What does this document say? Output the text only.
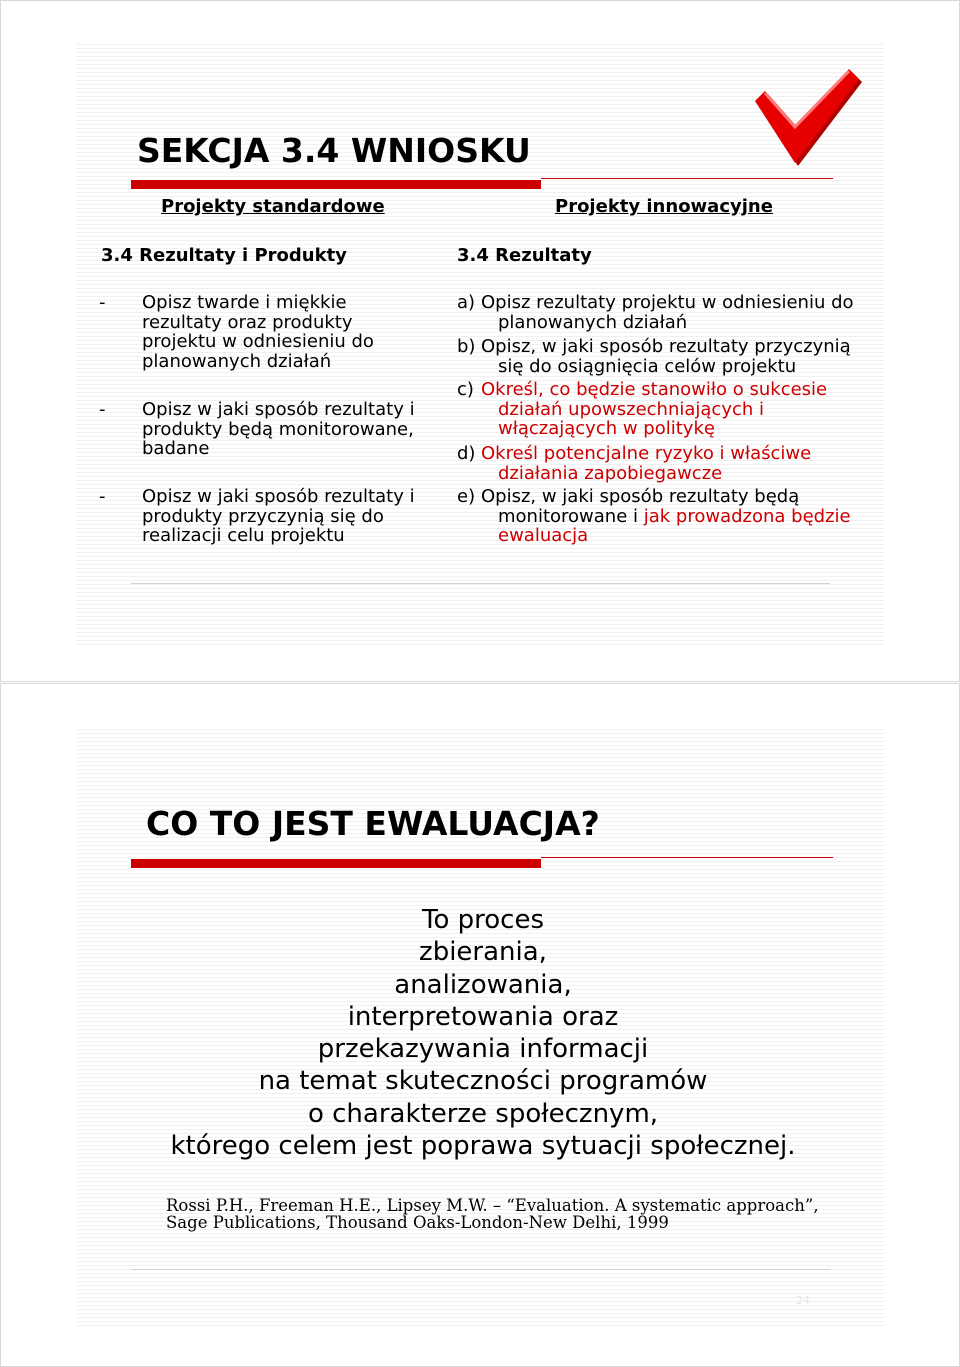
SEKCJA 3.4 WNIOSKU
Projekty standardowe	Projekty innowacyjne
3.4 Rezultaty i Produkty	3.4 Rezultaty
- Opisz twarde i miękkie
rezultaty oraz produkty
projektu w odniesieniu do
planowanych działań
- Opisz w jaki sposób rezultaty i
produkty będą monitorowane,
badane
- Opisz w jaki sposób rezultaty i
produkty przyczynią się do
realizacji celu projektu
a) Opisz rezultaty projektu w odniesieniu do
planowanych działań
b) Opisz, w jaki sposób rezultaty przyczynią
się do osiągnięcia celów projektu
c) Określ, co będzie stanowiło o sukcesie
działań upowszechniających i
włączających w politykę
d) Określ potencjalne ryzyko i właściwe
działania zapobiegawcze
e) Opisz, w jaki sposób rezultaty będą
monitorowane i jak prowadzona będzie
ewaluacja
CO TO JEST EWALUACJA?
To proces
zbierania,
analizowania,
interpretowania oraz
przekazywania informacji
na temat skuteczności programów
o charakterze społecznym,
którego celem jest poprawa sytuacji społecznej.
Rossi P.H., Freeman H.E., Lipsey M.W. – “Evaluation. A systematic approach”,
Sage Publications, Thousand Oaks-London-New Delhi, 1999
24
